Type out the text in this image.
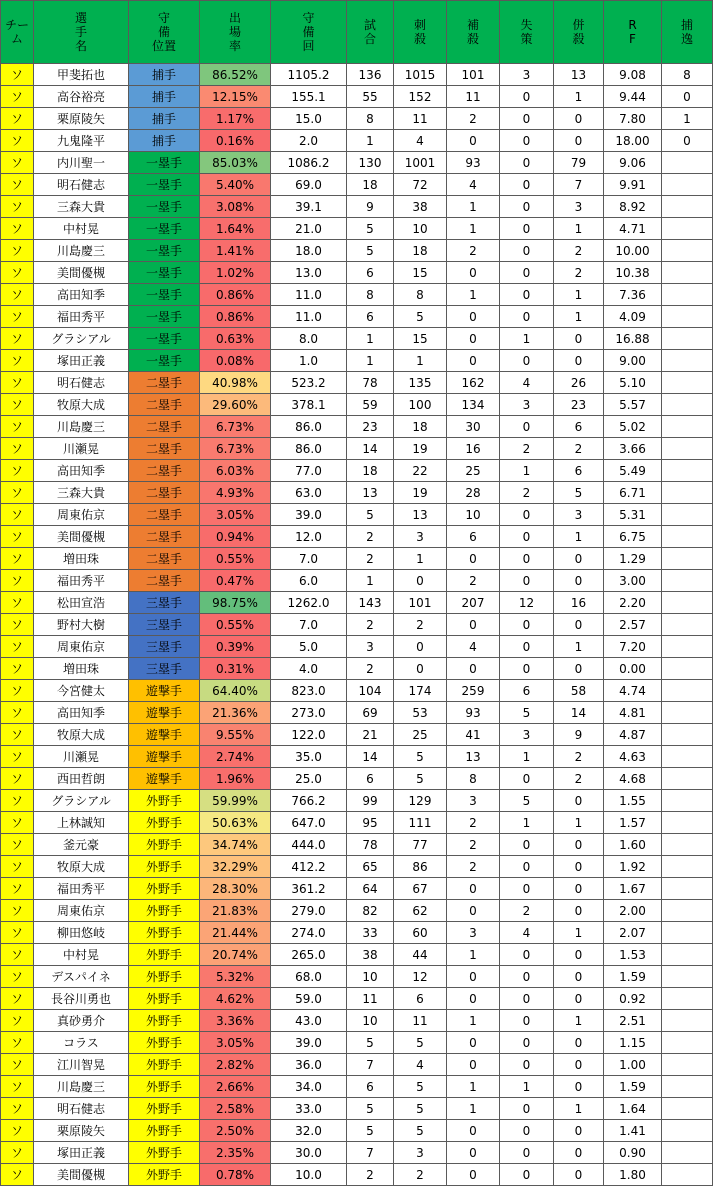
チー
ム	選
手
名	守
備
位置	出
場
率	守
備
回	試
合	刺
殺	補
殺	失
策	併
殺	R
F	捕
逸

ソ	甲斐拓也	捕手	86.52%	1105.2	136	1015	101	3	13	9.08	8
ソ	高谷裕亮	捕手	12.15%	155.1	55	152	11	0	1	9.44	0
ソ	栗原陵矢	捕手	1.17%	15.0	8	11	2	0	0	7.80	1
ソ	九鬼隆平	捕手	0.16%	2.0	1	4	0	0	0	18.00	0
ソ	内川聖一	一塁手	85.03%	1086.2	130	1001	93	0	79	9.06	
ソ	明石健志	一塁手	5.40%	69.0	18	72	4	0	7	9.91	
ソ	三森大貴	一塁手	3.08%	39.1	9	38	1	0	3	8.92	
ソ	中村晃	一塁手	1.64%	21.0	5	10	1	0	1	4.71	
ソ	川島慶三	一塁手	1.41%	18.0	5	18	2	0	2	10.00	
ソ	美間優槻	一塁手	1.02%	13.0	6	15	0	0	2	10.38	
ソ	高田知季	一塁手	0.86%	11.0	8	8	1	0	1	7.36	
ソ	福田秀平	一塁手	0.86%	11.0	6	5	0	0	1	4.09	
ソ	グラシアル	一塁手	0.63%	8.0	1	15	0	1	0	16.88	
ソ	塚田正義	一塁手	0.08%	1.0	1	1	0	0	0	9.00	
ソ	明石健志	二塁手	40.98%	523.2	78	135	162	4	26	5.10	
ソ	牧原大成	二塁手	29.60%	378.1	59	100	134	3	23	5.57	
ソ	川島慶三	二塁手	6.73%	86.0	23	18	30	0	6	5.02	
ソ	川瀬晃	二塁手	6.73%	86.0	14	19	16	2	2	3.66	
ソ	高田知季	二塁手	6.03%	77.0	18	22	25	1	6	5.49	
ソ	三森大貴	二塁手	4.93%	63.0	13	19	28	2	5	6.71	
ソ	周東佑京	二塁手	3.05%	39.0	5	13	10	0	3	5.31	
ソ	美間優槻	二塁手	0.94%	12.0	2	3	6	0	1	6.75	
ソ	増田珠	二塁手	0.55%	7.0	2	1	0	0	0	1.29	
ソ	福田秀平	二塁手	0.47%	6.0	1	0	2	0	0	3.00	
ソ	松田宣浩	三塁手	98.75%	1262.0	143	101	207	12	16	2.20	
ソ	野村大樹	三塁手	0.55%	7.0	2	2	0	0	0	2.57	
ソ	周東佑京	三塁手	0.39%	5.0	3	0	4	0	1	7.20	
ソ	増田珠	三塁手	0.31%	4.0	2	0	0	0	0	0.00	
ソ	今宮健太	遊撃手	64.40%	823.0	104	174	259	6	58	4.74	
ソ	高田知季	遊撃手	21.36%	273.0	69	53	93	5	14	4.81	
ソ	牧原大成	遊撃手	9.55%	122.0	21	25	41	3	9	4.87	
ソ	川瀬晃	遊撃手	2.74%	35.0	14	5	13	1	2	4.63	
ソ	西田哲朗	遊撃手	1.96%	25.0	6	5	8	0	2	4.68	
ソ	グラシアル	外野手	59.99%	766.2	99	129	3	5	0	1.55	
ソ	上林誠知	外野手	50.63%	647.0	95	111	2	1	1	1.57	
ソ	釜元豪	外野手	34.74%	444.0	78	77	2	0	0	1.60	
ソ	牧原大成	外野手	32.29%	412.2	65	86	2	0	0	1.92	
ソ	福田秀平	外野手	28.30%	361.2	64	67	0	0	0	1.67	
ソ	周東佑京	外野手	21.83%	279.0	82	62	0	2	0	2.00	
ソ	柳田悠岐	外野手	21.44%	274.0	33	60	3	4	1	2.07	
ソ	中村晃	外野手	20.74%	265.0	38	44	1	0	0	1.53	
ソ	デスパイネ	外野手	5.32%	68.0	10	12	0	0	0	1.59	
ソ	長谷川勇也	外野手	4.62%	59.0	11	6	0	0	0	0.92	
ソ	真砂勇介	外野手	3.36%	43.0	10	11	1	0	1	2.51	
ソ	コラス	外野手	3.05%	39.0	5	5	0	0	0	1.15	
ソ	江川智晃	外野手	2.82%	36.0	7	4	0	0	0	1.00	
ソ	川島慶三	外野手	2.66%	34.0	6	5	1	1	0	1.59	
ソ	明石健志	外野手	2.58%	33.0	5	5	1	0	1	1.64	
ソ	栗原陵矢	外野手	2.50%	32.0	5	5	0	0	0	1.41	
ソ	塚田正義	外野手	2.35%	30.0	7	3	0	0	0	0.90	
ソ	美間優槻	外野手	0.78%	10.0	2	2	0	0	0	1.80	
